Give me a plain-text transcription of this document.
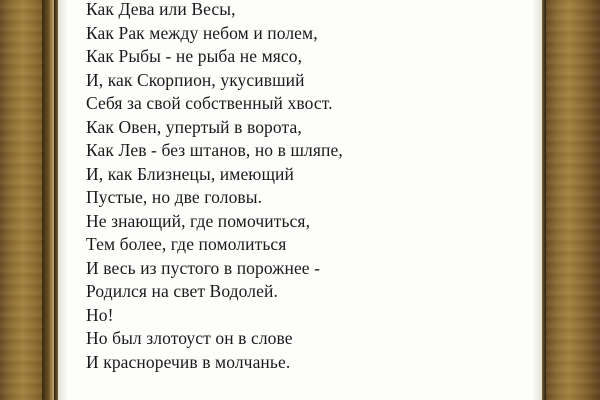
Как Дева или Весы,
Как Рак между небом и полем,
Как Рыбы - не рыба не мясо,
И, как Скорпион, укусивший
Себя за свой собственный хвост.
Как Овен, упертый в ворота,
Как Лев - без штанов, но в шляпе,
И, как Близнецы, имеющий
Пустые, но две головы.
Не знающий, где помочиться,
Тем более, где помолиться
И весь из пустого в порожнее -
Родился на свет Водолей.
Но!
Но был злотоуст он в слове
И красноречив в молчанье.
